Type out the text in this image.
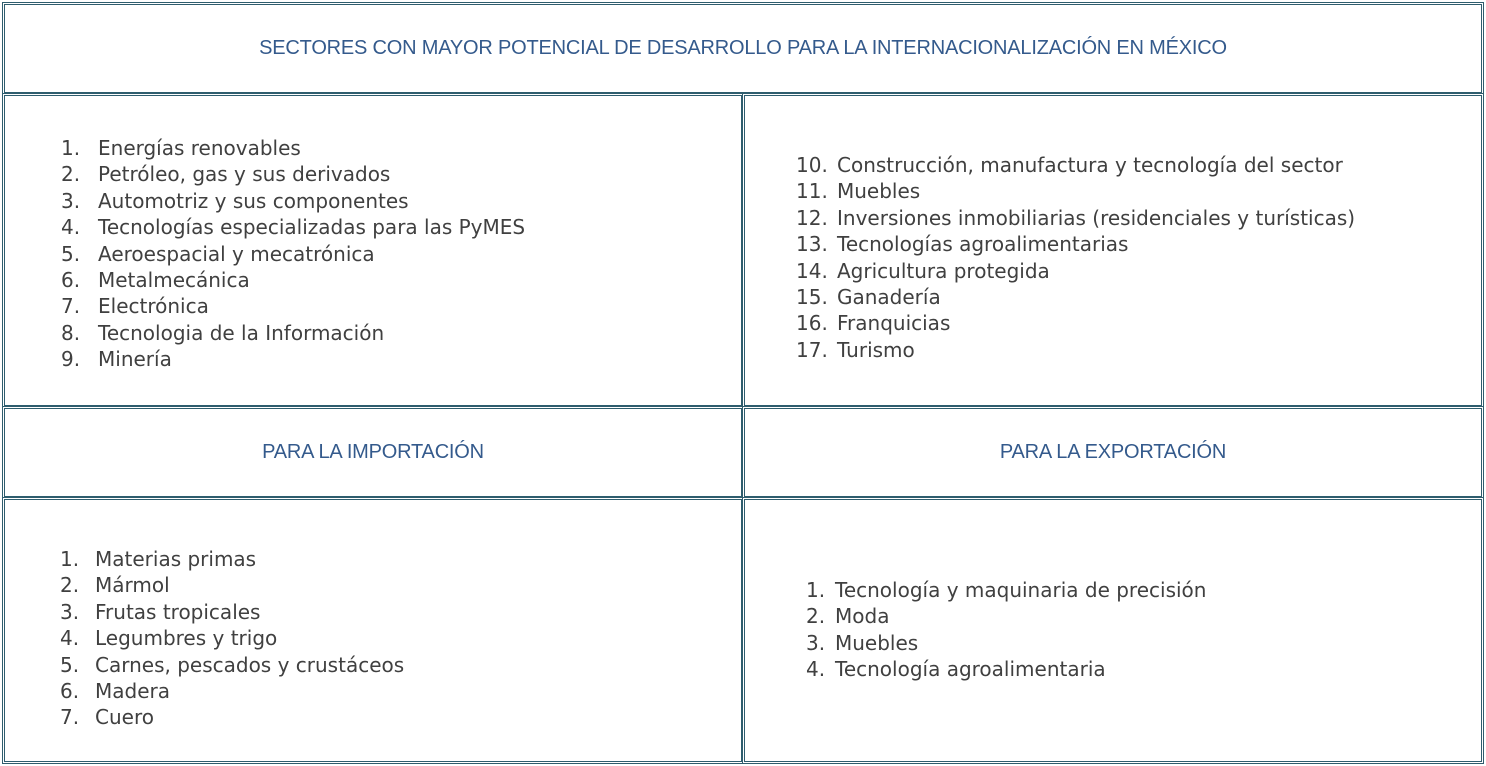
SECTORES CON MAYOR POTENCIAL DE DESARROLLO PARA LA INTERNACIONALIZACIÓN EN MÉXICO
1. Energías renovables
2. Petróleo, gas y sus derivados
3. Automotriz y sus componentes
4. Tecnologías especializadas para las PyMES
5. Aeroespacial y mecatrónica
6. Metalmecánica
7. Electrónica
8. Tecnologia de la Información
9. Minería
10. Construcción, manufactura y tecnología del sector
11. Muebles
12. Inversiones inmobiliarias (residenciales y turísticas)
13. Tecnologías agroalimentarias
14. Agricultura protegida
15. Ganadería
16. Franquicias
17. Turismo
PARA LA IMPORTACIÓN	PARA LA EXPORTACIÓN
1. Materias primas
2. Mármol
3. Frutas tropicales
4. Legumbres y trigo
5. Carnes, pescados y crustáceos
6. Madera
7. Cuero
1. Tecnología y maquinaria de precisión
2. Moda
3. Muebles
4. Tecnología agroalimentaria
